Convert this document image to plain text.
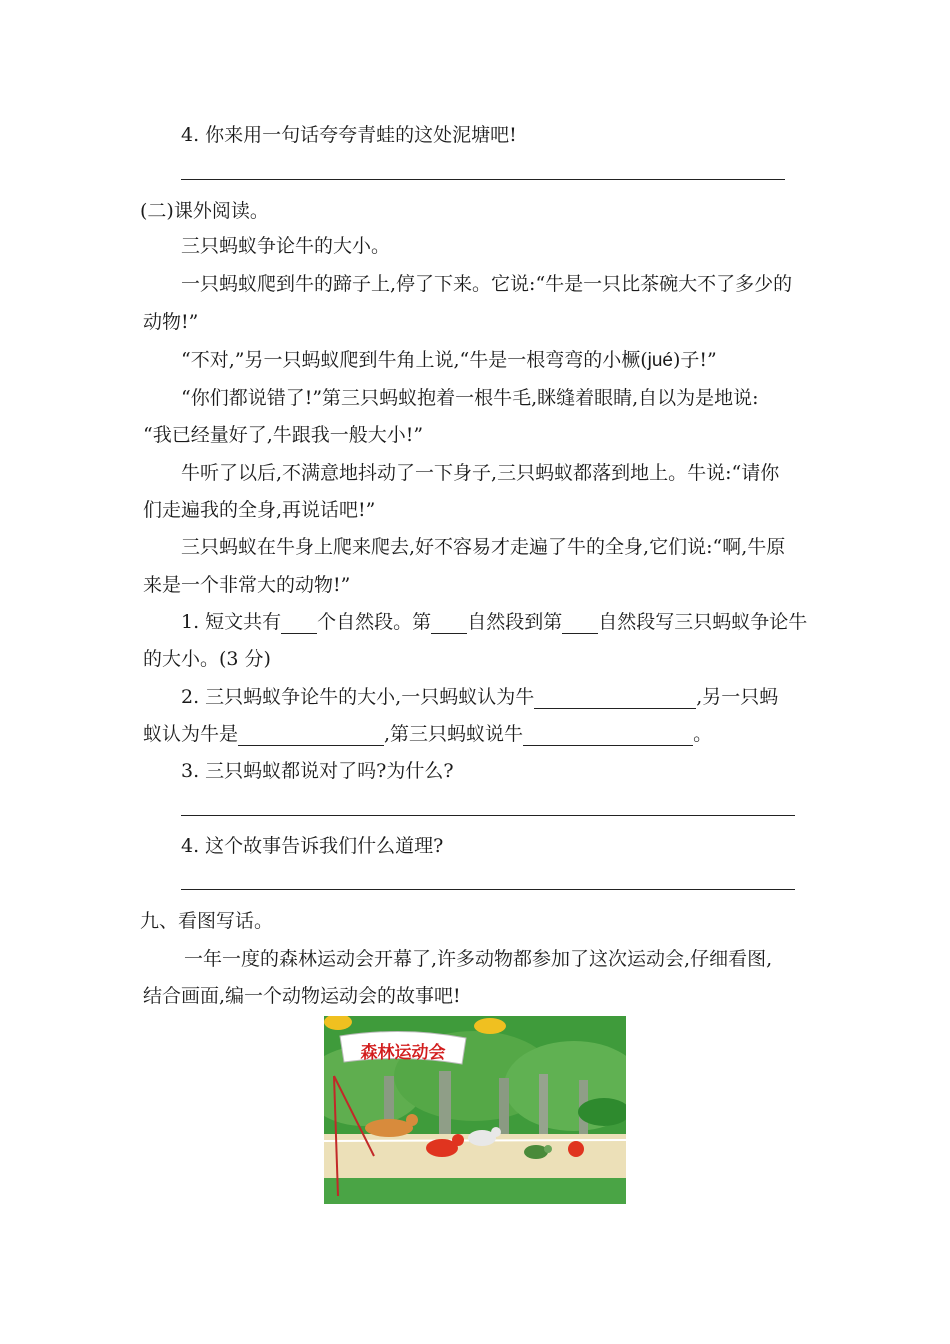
4. 你来用一句话夸夸青蛙的这处泥塘吧!
(二)课外阅读。
三只蚂蚁争论牛的大小。
一只蚂蚁爬到牛的蹄子上,停了下来。它说:“牛是一只比茶碗大不了多少的
动物!”
“不对,”另一只蚂蚁爬到牛角上说,“牛是一根弯弯的小橛(jué)子!”
“你们都说错了!”第三只蚂蚁抱着一根牛毛,眯缝着眼睛,自以为是地说:
“我已经量好了,牛跟我一般大小!”
牛听了以后,不满意地抖动了一下身子,三只蚂蚁都落到地上。牛说:“请你
们走遍我的全身,再说话吧!”
三只蚂蚁在牛身上爬来爬去,好不容易才走遍了牛的全身,它们说:“啊,牛原
来是一个非常大的动物!”
1. 短文共有 个自然段。第 自然段到第 自然段写三只蚂蚁争论牛
的大小。(3 分)
2. 三只蚂蚁争论牛的大小,一只蚂蚁认为牛	,另一只蚂
蚁认为牛是	,第三只蚂蚁说牛	。
3. 三只蚂蚁都说对了吗?为什么?
4. 这个故事告诉我们什么道理?
九、看图写话。
一年一度的森林运动会开幕了,许多动物都参加了这次运动会,仔细看图,
结合画面,编一个动物运动会的故事吧!
森林运动会
